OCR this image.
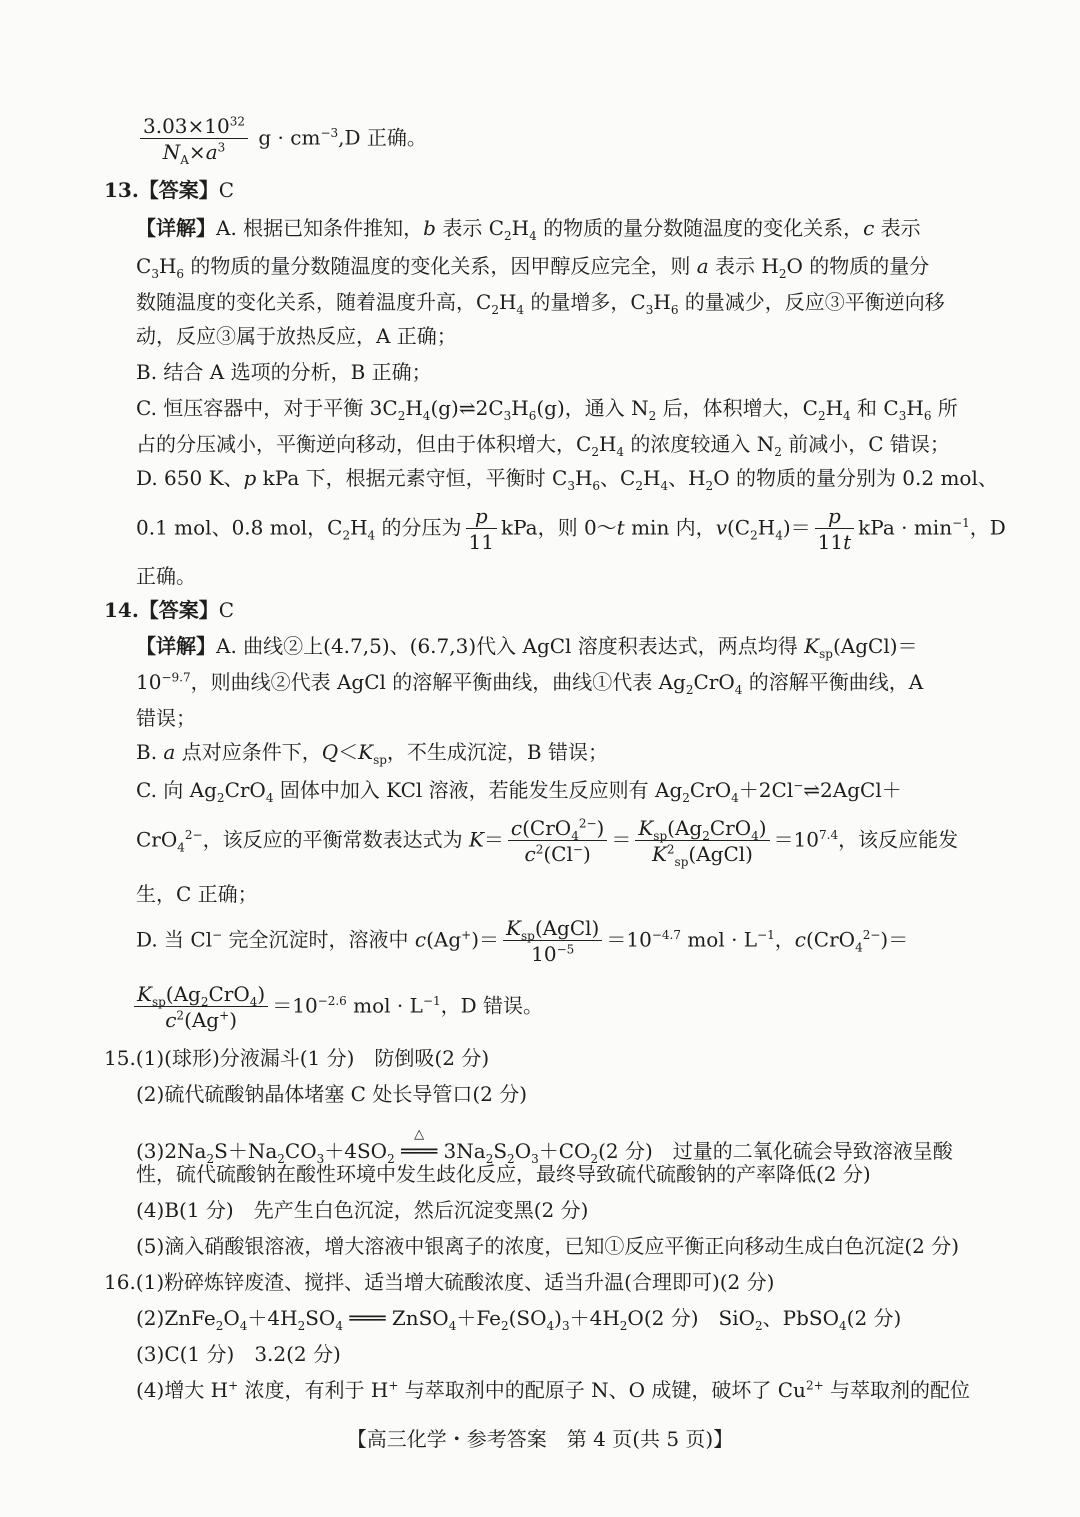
$\frac{3.03\times 10^{32}}{N_A\times a^3}$ $g \cdot cm^{-3},D$ 正确。
13.【答案】C
【详解】A. 根据已知条件推知，b 表示 $C_2H_4$ 的物质的量分数随温度的变化关系，c 表示
$C_3H_6$ 的物质的量分数随温度的变化关系，因甲醇反应完全，则 a 表示 $H_2O$ 的物质的量分
数随温度的变化关系，随着温度升高，$C_2H_4$ 的量增多，$C_3H_6$ 的量减少，反应③平衡逆向移
动，反应③属于放热反应，A 正确；
B. 结合 A 选项的分析，B 正确；
C. 恒压容器中，对于平衡 $3C_2H_4(g)\rightleftharpoons 2C_3H_6(g)$，通入 $N_2$ 后，体积增大，$C_2H_4$ 和 $C_3H_6$ 所
占的分压减小，平衡逆向移动，但由于体积增大，$C_2H_4$ 的浓度较通入 $N_2$ 前减小，C 错误；
D. 650 K、p kPa 下，根据元素守恒，平衡时 $C_3H_6$、$C_2H_4$、$H_2O$ 的物质的量分别为 0.2 mol、
0.1 mol、0.8 mol，$C_2H_4$ 的分压为 $\frac{p}{11}$ kPa，则 0～t min 内，$v(C_2H_4)= \frac{p}{11t}$ kPa · $\min^{-1}$，D
正确。
14.【答案】C
【详解】A. 曲线②上(4.7,5)、(6.7,3)代入 AgCl 溶度积表达式，两点均得 $K_{sp}(AgCl)=$
$10^{-9.7}$，则曲线②代表 AgCl 的溶解平衡曲线，曲线①代表 $Ag_2CrO_4$ 的溶解平衡曲线，A
错误；
B. a 点对应条件下，$Q<K_{sp}$，不生成沉淀，B 错误；
C. 向 $Ag_2CrO_4$ 固体中加入 KCl 溶液，若能发生反应则有 $Ag_2CrO_4+2Cl^-\rightleftharpoons 2AgCl+$
CrO$_4^{2-}$，该反应的平衡常数表达式为 K＝ c(CrO$_4^{2-}$)
$c^2(Cl^-)$
＝ $K_{sp}(Ag_2CrO_4)$
$K^2_{sp}(AgCl)$
$=10^{7.4}$，该反应能发
生，C 正确；
D. 当 Cl− 完全沉淀时，溶液中 $c(Ag^+)= K_{sp}(AgCl)$
$10^{-5}$	$=10^{-4.7}$ mol · $L^{-1}$，c(CrO$_4^{2-}$)＝
$K_{sp}(Ag_2CrO_4)$
$c^2(Ag^+)$
$=10^{-2.6}$ mol · $L^{-1}$，D 错误。
15.(1)(球形)分液漏斗(1 分)　防倒吸(2 分)
(2)硫代硫酸钠晶体堵塞 C 处长导管口(2 分)
$(3)2Na_2S+Na_2CO_3+4SO_2$
△
═══ $3Na_2S_2O_3+CO_2(2$ 分)　过量的二氧化硫会导致溶液呈酸
性，硫代硫酸钠在酸性环境中发生歧化反应，最终导致硫代硫酸钠的产率降低(2 分)
(4)B(1 分)　先产生白色沉淀，然后沉淀变黑(2 分)
(5)滴入硝酸银溶液，增大溶液中银离子的浓度，已知①反应平衡正向移动生成白色沉淀(2 分)
16.(1)粉碎炼锌废渣、搅拌、适当增大硫酸浓度、适当升温(合理即可)(2 分)
$(2)ZnFe_2O_4+4H_2SO_4$ ═══ $ZnSO_4+Fe_2(SO_4)_3+4H_2O(2$ 分)　SiO$_2$、PbSO$_4$(2 分)
(3)C(1 分)　3.2(2 分)
(4)增大 H+ 浓度，有利于 H+ 与萃取剂中的配原子 N、O 成键，破坏了 $Cu^{2+}$ 与萃取剂的配位
【高三化学・参考答案　第 4 页(共 5 页)】
